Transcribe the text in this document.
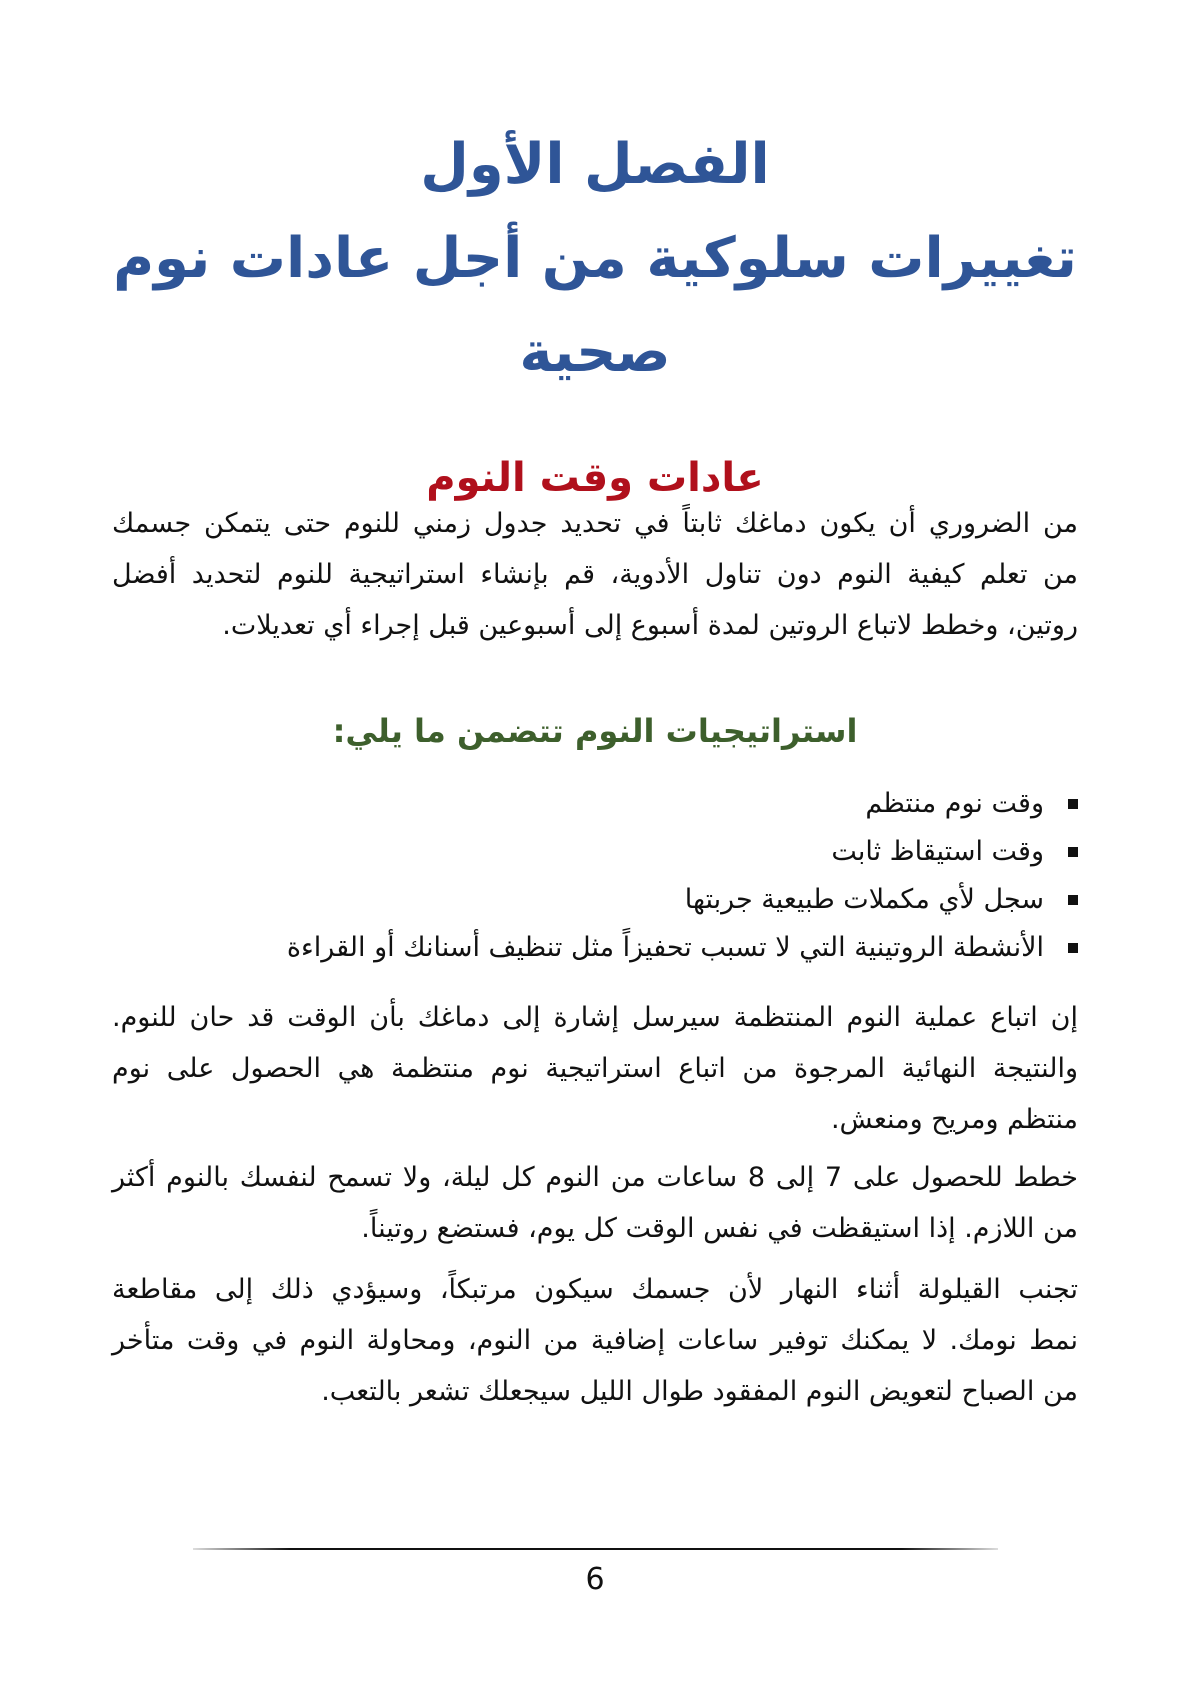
الفصل الأول
تغييرات سلوكية من أجل عادات نوم
صحية
عادات وقت النوم
من الضروري أن يكون دماغك ثابتاً في تحديد جدول زمني للنوم حتى يتمكن جسمك
من تعلم كيفية النوم دون تناول الأدوية، قم بإنشاء استراتيجية للنوم لتحديد أفضل
روتين، وخطط لاتباع الروتين لمدة أسبوع إلى أسبوعين قبل إجراء أي تعديلات.
استراتيجيات النوم تتضمن ما يلي:
وقت نوم منتظم
وقت استيقاظ ثابت
سجل لأي مكملات طبيعية جربتها
الأنشطة الروتينية التي لا تسبب تحفيزاً مثل تنظيف أسنانك أو القراءة
إن اتباع عملية النوم المنتظمة سيرسل إشارة إلى دماغك بأن الوقت قد حان للنوم.
والنتيجة النهائية المرجوة من اتباع استراتيجية نوم منتظمة هي الحصول على نوم
منتظم ومريح ومنعش.
خطط للحصول على 7 إلى 8 ساعات من النوم كل ليلة، ولا تسمح لنفسك بالنوم أكثر
من اللازم. إذا استيقظت في نفس الوقت كل يوم، فستضع روتيناً.
تجنب القيلولة أثناء النهار لأن جسمك سيكون مرتبكاً، وسيؤدي ذلك إلى مقاطعة
نمط نومك. لا يمكنك توفير ساعات إضافية من النوم، ومحاولة النوم في وقت متأخر
من الصباح لتعويض النوم المفقود طوال الليل سيجعلك تشعر بالتعب.
6
